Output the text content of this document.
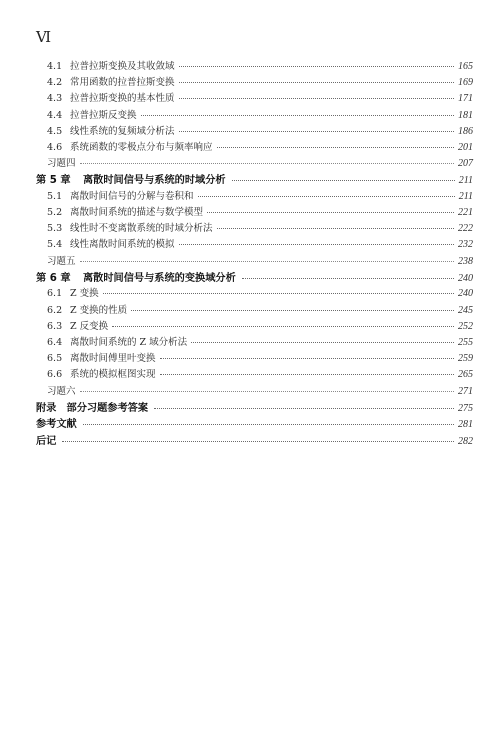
Ⅵ
4.1 拉普拉斯变换及其收敛域	165
4.2 常用函数的拉普拉斯变换	169
4.3 拉普拉斯变换的基本性质	171
4.4 拉普拉斯反变换	181
4.5 线性系统的复频域分析法	186
4.6 系统函数的零极点分布与频率响应	201
习题四	207
第 5 章	离散时间信号与系统的时域分析	211
5.1 离散时间信号的分解与卷积和	211
5.2 离散时间系统的描述与数学模型	221
5.3 线性时不变离散系统的时域分析法	222
5.4 线性离散时间系统的模拟	232
习题五	238
第 6 章	离散时间信号与系统的变换域分析	240
6.1 Z 变换	240
6.2 Z 变换的性质	245
6.3 Z 反变换	252
6.4 离散时间系统的 Z 域分析法	255
6.5 离散时间傅里叶变换	259
6.6 系统的模拟框图实现	265
习题六	271
附录　部分习题参考答案	275
参考文献	281
后记	282
